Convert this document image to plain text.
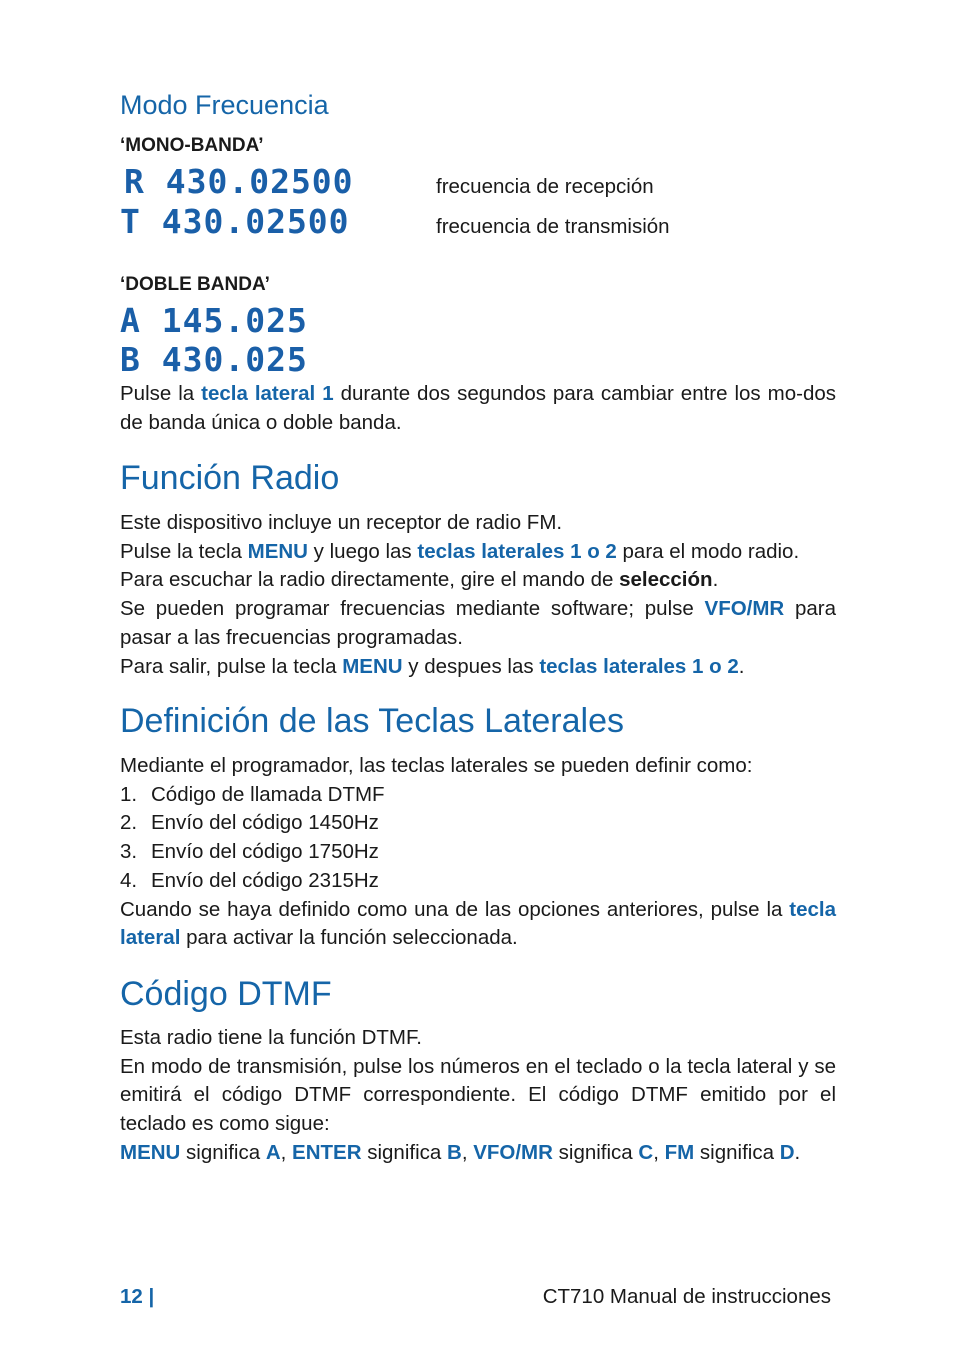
Modo Frecuencia
‘MONO-BANDA’
R 430.02500
T 430.02500
frecuencia de recepción
frecuencia de transmisión
‘DOBLE BANDA’
A 145.025
B 430.025

Pulse la tecla lateral 1 durante dos segundos para cambiar entre los mo-dos de banda única o doble banda.

Función Radio
Este dispositivo incluye un receptor de radio FM.
Pulse la tecla MENU y luego las teclas laterales 1 o 2 para el modo radio.
Para escuchar la radio directamente, gire el mando de selección.
Se pueden programar frecuencias mediante software; pulse VFO/MR para pasar a las frecuencias programadas.
Para salir, pulse la tecla MENU y despues las teclas laterales 1 o 2.
Definición de las Teclas Laterales
Mediante el programador, las teclas laterales se pueden definir como:
1. Código de llamada DTMF
2. Envío del código 1450Hz
3. Envío del código 1750Hz
4. Envío del código 2315Hz
Cuando se haya definido como una de las opciones anteriores, pulse la tecla lateral para activar la función seleccionada.
Código DTMF
Esta radio tiene la función DTMF.
En modo de transmisión, pulse los números en el teclado o la tecla lateral y se emitirá el código DTMF correspondiente. El código DTMF emitido por el teclado es como sigue:
MENU significa A, ENTER significa B, VFO/MR significa C, FM significa D.
12 |	CT710 Manual de instrucciones
